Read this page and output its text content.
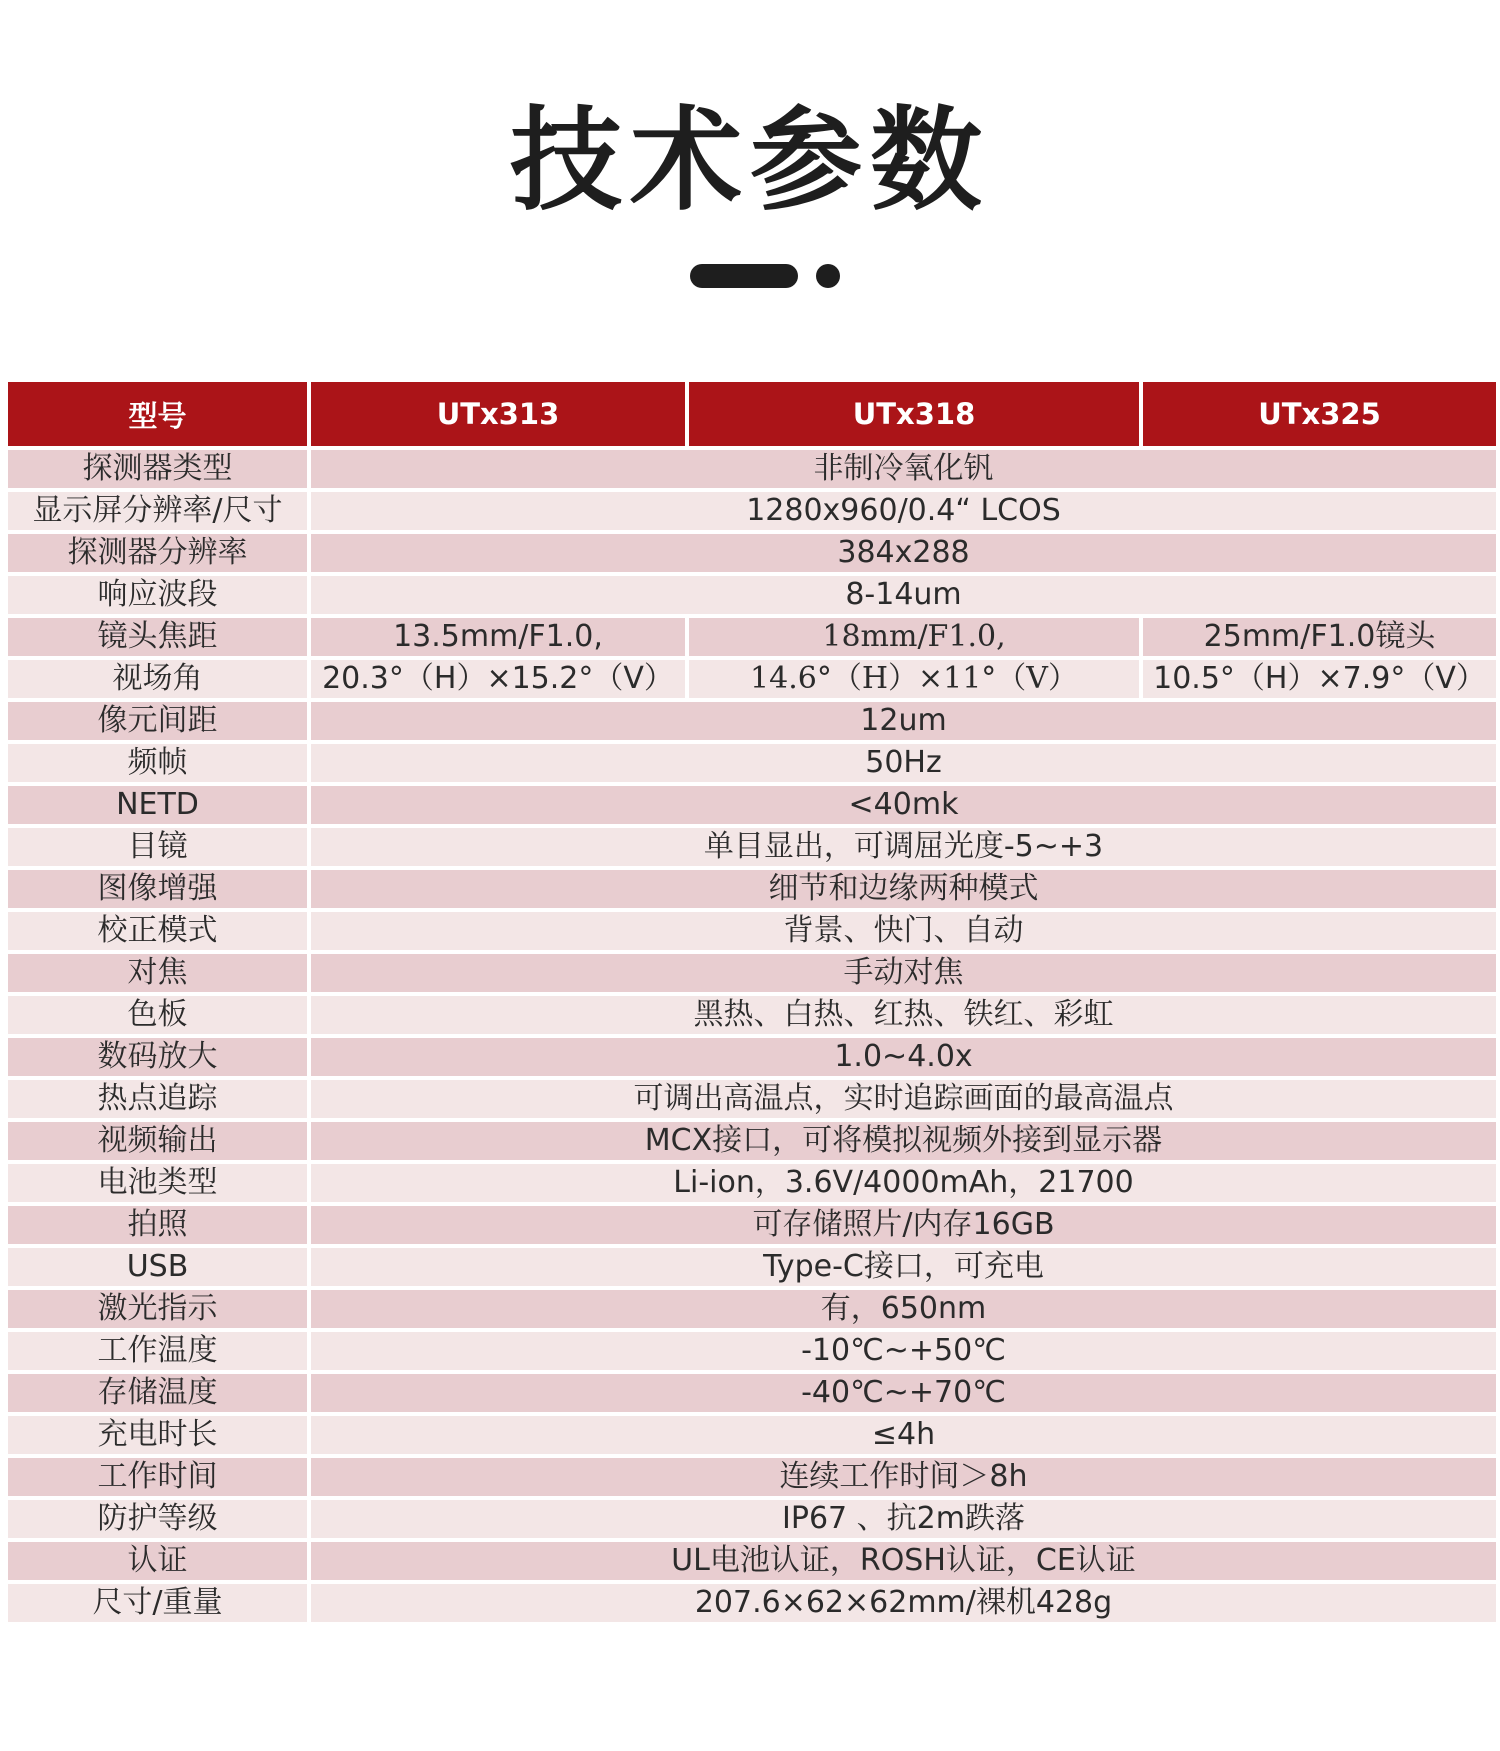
技术参数
型号	UTx313	UTx318	UTx325
探测器类型	非制冷氧化钒		
显示屏分辨率/尺寸	1280x960/0.4“ LCOS		
探测器分辨率	384x288		
响应波段	8-14um		
镜头焦距	13.5mm/F1.0,	18mm/F1.0,	25mm/F1.0镜头
视场角	20.3°（H）×15.2°（V）	14.6°（H）×11°（V）	10.5°（H）×7.9°（V）
像元间距	12um		
频帧	50Hz		
NETD	<40mk		
目镜	单目显出，可调屈光度-5~+3		
图像增强	细节和边缘两种模式		
校正模式	背景、快门、自动		
对焦	手动对焦		
色板	黑热、白热、红热、铁红、彩虹		
数码放大	1.0~4.0x		
热点追踪	可调出高温点，实时追踪画面的最高温点		
视频输出	MCX接口，可将模拟视频外接到显示器		
电池类型	Li-ion，3.6V/4000mAh，21700		
拍照	可存储照片/内存16GB		
USB	Type-C接口，可充电		
激光指示	有，650nm		
工作温度	-10℃~+50℃		
存储温度	-40℃~+70℃		
充电时长	≤4h		
工作时间	连续工作时间＞8h		
防护等级	IP67 、抗2m跌落		
认证	UL电池认证，ROSH认证，CE认证		
尺寸/重量	207.6×62×62mm/裸机428g		
